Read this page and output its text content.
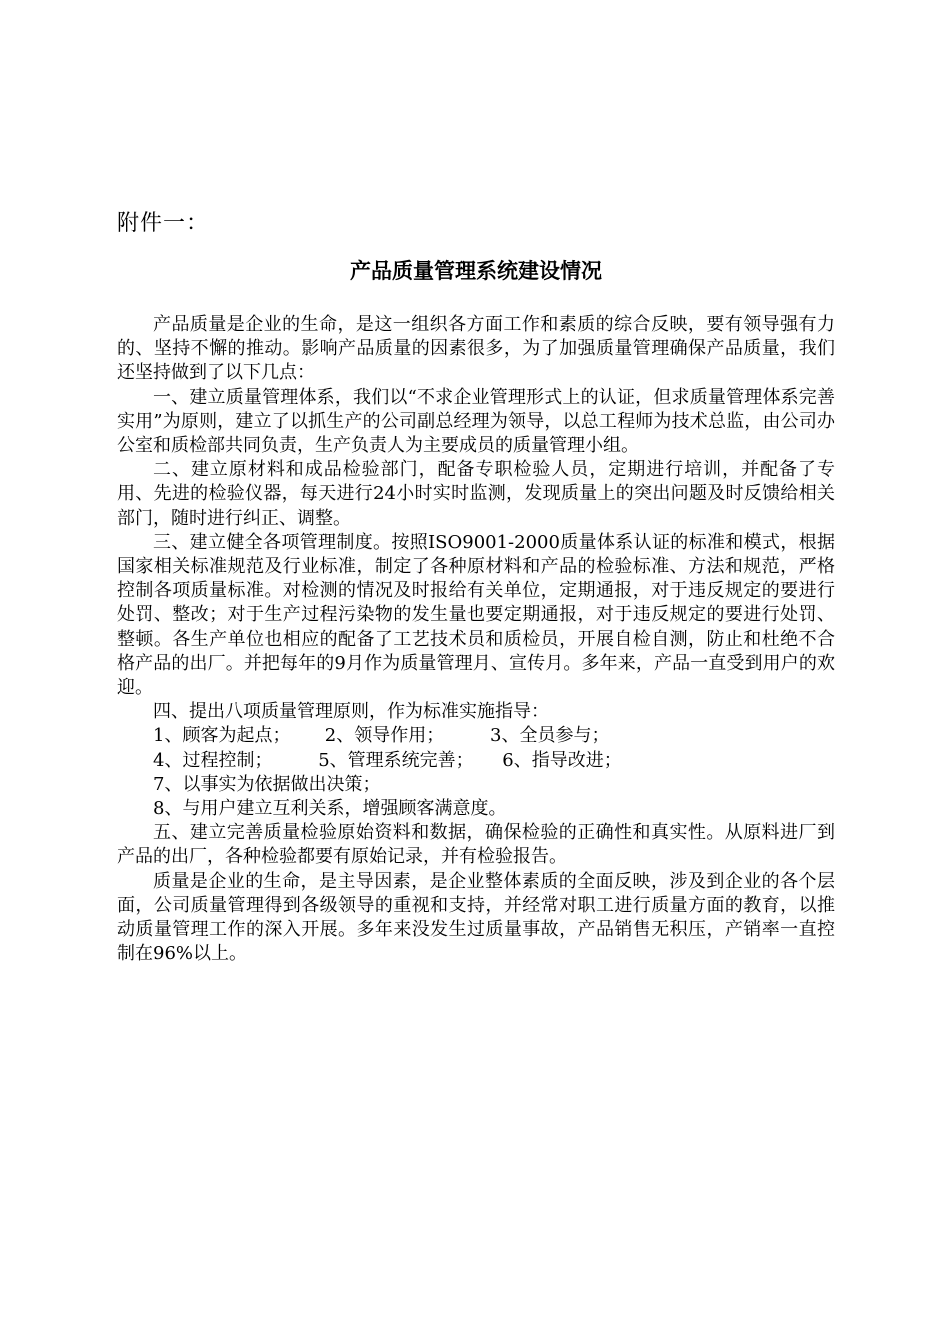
附件一：
产品质量管理系统建设情况

产品质量是企业的生命，是这一组织各方面工作和素质的综合反映，要有领导强有力的、坚持不懈的推动。影响产品质量的因素很多，为了加强质量管理确保产品质量，我们还坚持做到了以下几点：

一、建立质量管理体系，我们以“不求企业管理形式上的认证，但求质量管理体系完善实用”为原则，建立了以抓生产的公司副总经理为领导，以总工程师为技术总监，由公司办公室和质检部共同负责，生产负责人为主要成员的质量管理小组。

二、建立原材料和成品检验部门，配备专职检验人员，定期进行培训，并配备了专用、先进的检验仪器，每天进行24小时实时监测，发现质量上的突出问题及时反馈给相关部门，随时进行纠正、调整。

三、建立健全各项管理制度。按照ISO9001-2000质量体系认证的标准和模式，根据国家相关标准规范及行业标准，制定了各种原材料和产品的检验标准、方法和规范，严格控制各项质量标准。对检测的情况及时报给有关单位，定期通报，对于违反规定的要进行处罚、整改；对于生产过程污染物的发生量也要定期通报，对于违反规定的要进行处罚、整顿。各生产单位也相应的配备了工艺技术员和质检员，开展自检自测，防止和杜绝不合格产品的出厂。并把每年的9月作为质量管理月、宣传月。多年来，产品一直受到用户的欢迎。

四、提出八项质量管理原则，作为标准实施指导：

1、顾客为起点；      2、领导作用；        3、全员参与；

4、过程控制；        5、管理系统完善；     6、指导改进；

7、以事实为依据做出决策；

8、与用户建立互利关系，增强顾客满意度。

五、建立完善质量检验原始资料和数据，确保检验的正确性和真实性。从原料进厂到产品的出厂，各种检验都要有原始记录，并有检验报告。

质量是企业的生命，是主导因素，是企业整体素质的全面反映，涉及到企业的各个层面，公司质量管理得到各级领导的重视和支持，并经常对职工进行质量方面的教育，以推动质量管理工作的深入开展。多年来没发生过质量事故，产品销售无积压，产销率一直控制在96%以上。
